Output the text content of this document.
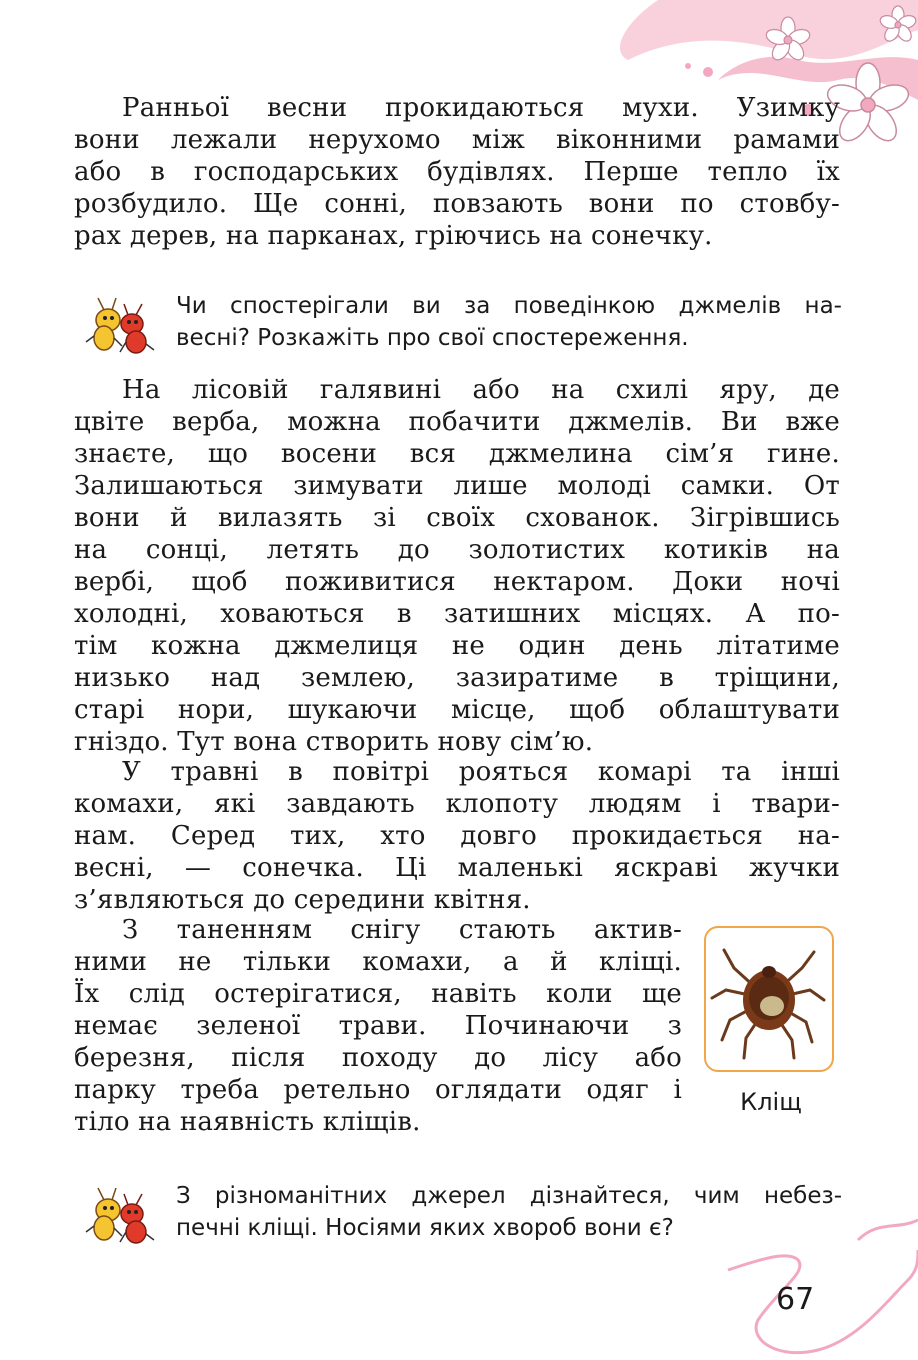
Ранньої весни прокидаються мухи. Узимку
вони лежали нерухомо між віконними рамами
або в господарських будівлях. Перше тепло їх
розбудило. Ще сонні, повзають вони по стовбу-
рах дерев, на парканах, гріючись на сонечку.
Чи спостерігали ви за поведінкою джмелів на-
весні? Розкажіть про свої спостереження.
На лісовій галявині або на схилі яру, де
цвіте верба, можна побачити джмелів. Ви вже
знаєте, що восени вся джмелина сім’я гине.
Залишаються зимувати лише молоді самки. От
вони й вилазять зі своїх схованок. Зігрівшись
на сонці, летять до золотистих котиків на
вербі, щоб поживитися нектаром. Доки ночі
холодні, ховаються в затишних місцях. А по-
тім кожна джмелиця не один день літатиме
низько над землею, зазиратиме в тріщини,
старі нори, шукаючи місце, щоб облаштувати
гніздо. Тут вона створить нову сім’ю.
У травні в повітрі рояться комарі та інші
комахи, які завдають клопоту людям і твари-
нам. Серед тих, хто довго прокидається на-
весні, — сонечка. Ці маленькі яскраві жучки
з’являються до середини квітня.
З таненням снігу стають актив-
ними не тільки комахи, а й кліщі.
Їх слід остерігатися, навіть коли ще
немає зеленої трави. Починаючи з
березня, після походу до лісу або
парку треба ретельно оглядати одяг і
тіло на наявність кліщів.
Кліщ
З різноманітних джерел дізнайтеся, чим небез-
печні кліщі. Носіями яких хвороб вони є?
67
